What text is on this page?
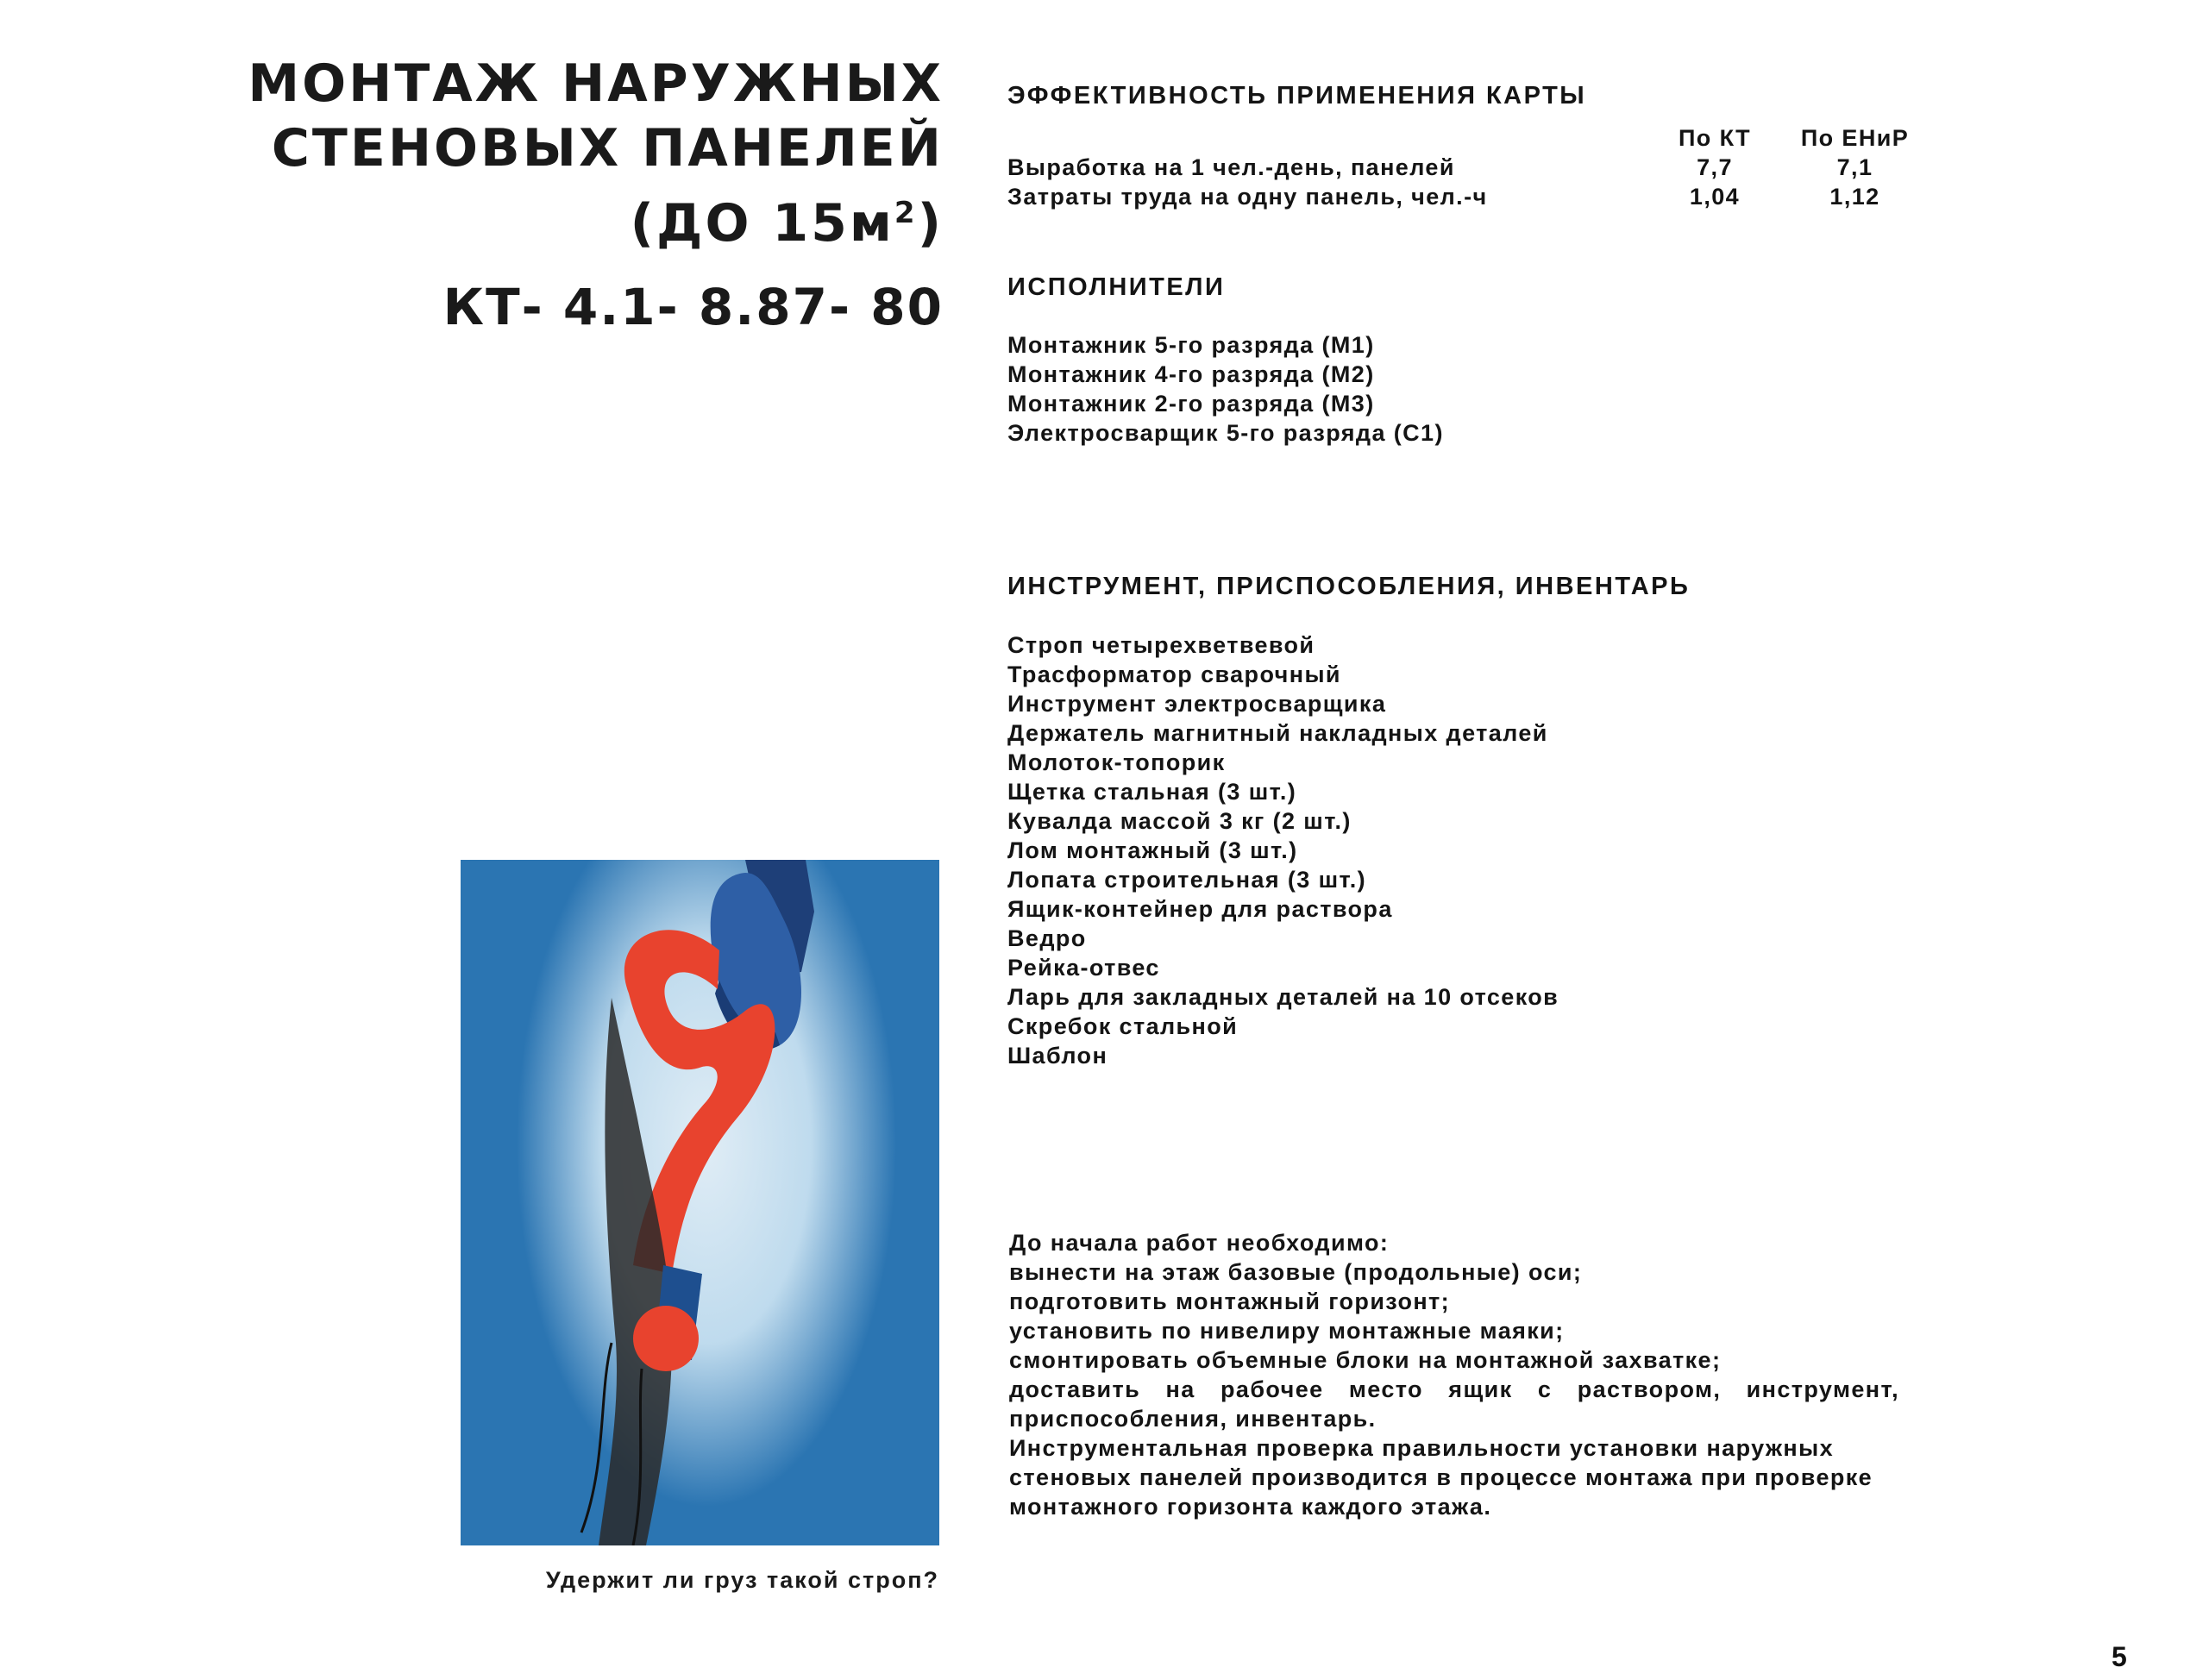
МОНТАЖ НАРУЖНЫХ
СТЕНОВЫХ ПАНЕЛЕЙ
(ДО $15м^2$)
КТ- 4.1- 8.87- 80
Удержит ли груз такой строп?
ЭФФЕКТИВНОСТЬ ПРИМЕНЕНИЯ КАРТЫ
	По КТ	По ЕНиР
Выработка на 1 чел.-день, панелей	7,7	7,1
Затраты труда на одну панель, чел.-ч	1,04	1,12
ИСПОЛНИТЕЛИ
Монтажник 5-го разряда (М1)
Монтажник 4-го разряда (М2)
Монтажник 2-го разряда (М3)
Электросварщик 5-го разряда (С1)
ИНСТРУМЕНТ, ПРИСПОСОБЛЕНИЯ, ИНВЕНТАРЬ
Строп четырехветвевой
Трасформатор сварочный
Инструмент электросварщика
Держатель магнитный накладных деталей
Молоток-топорик
Щетка стальная (3 шт.)
Кувалда массой 3 кг (2 шт.)
Лом монтажный (3 шт.)
Лопата строительная (3 шт.)
Ящик-контейнер для раствора
Ведро
Рейка-отвес
Ларь для закладных деталей на 10 отсеков
Скребок стальной
Шаблон
До начала работ необходимо:
вынести на этаж базовые (продольные) оси;
подготовить монтажный горизонт;
установить по нивелиру монтажные маяки;
смонтировать объемные блоки на монтажной захватке;
доставить на рабочее место ящик с раствором, инструмент,
приспособления, инвентарь.
Инструментальная проверка правильности установки наружных
стеновых панелей производится в процессе монтажа при проверке
монтажного горизонта каждого этажа.
5
